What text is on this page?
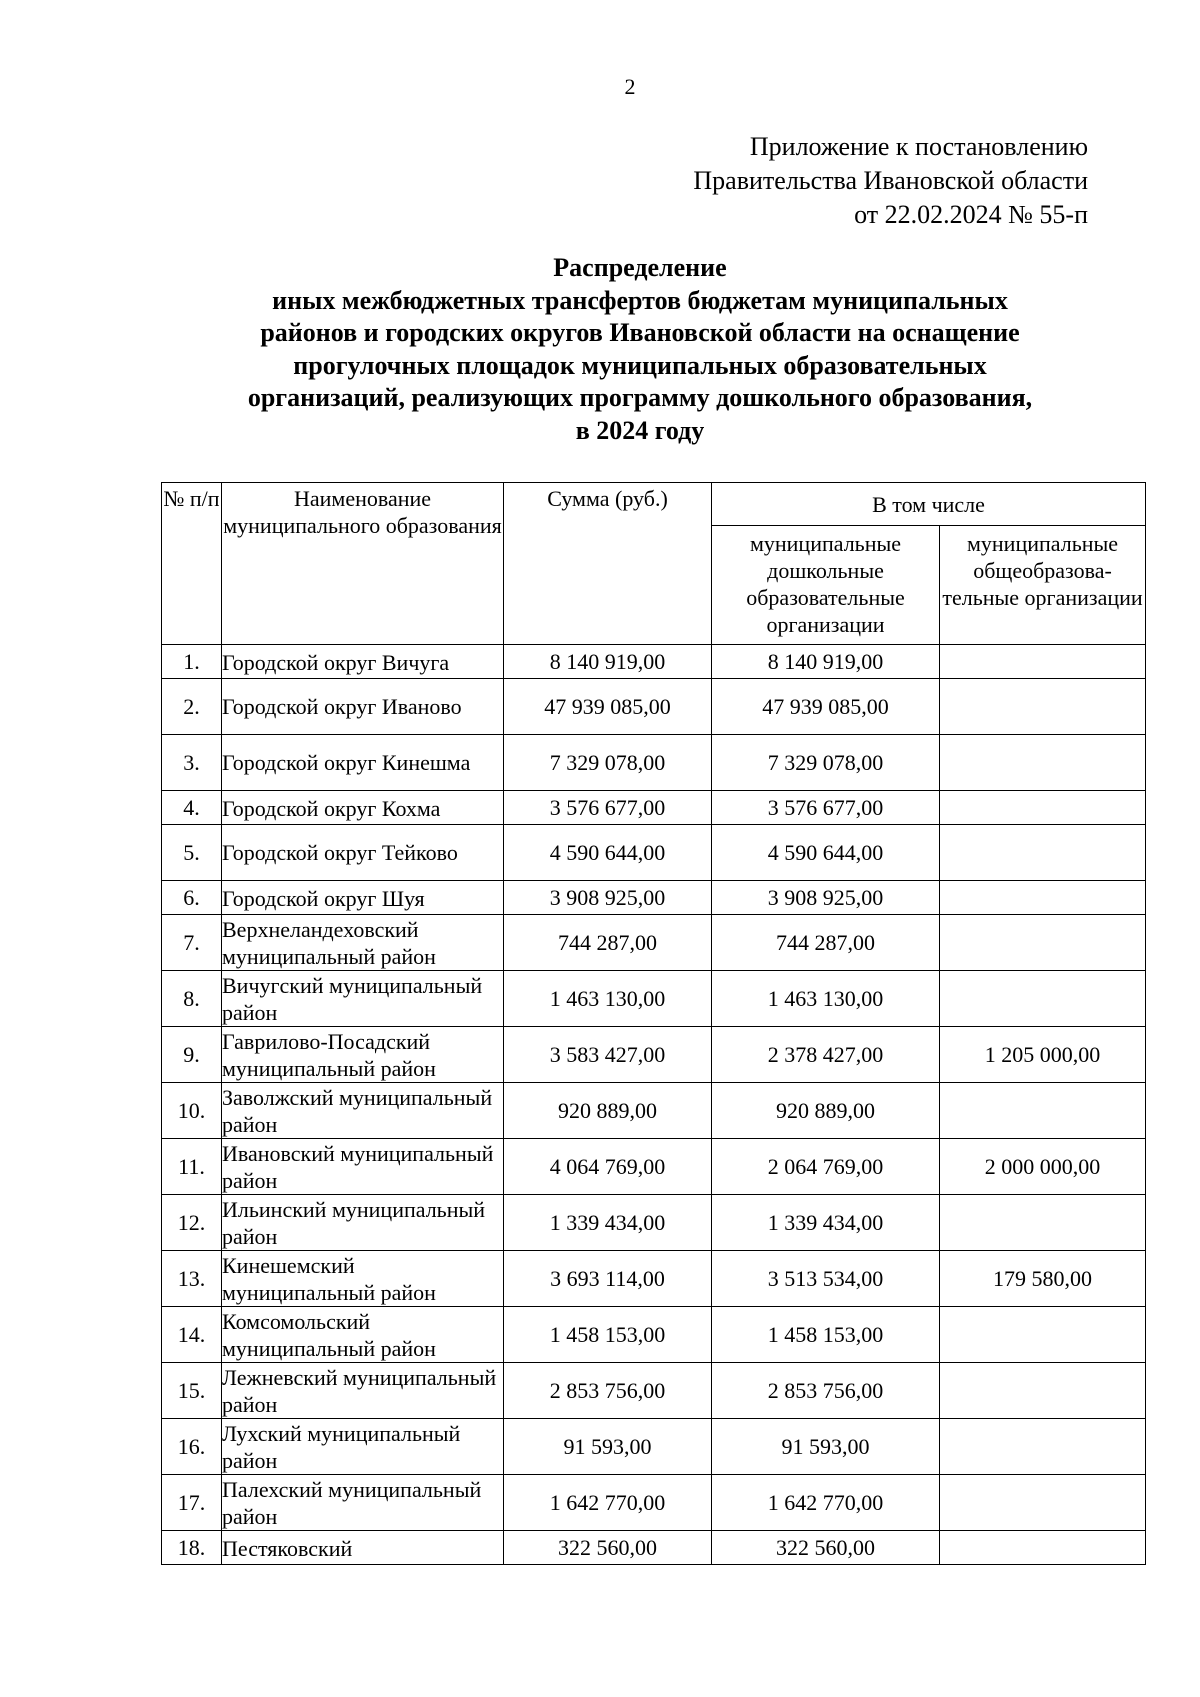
2
Приложение к постановлению
Правительства Ивановской области
от 22.02.2024 № 55-п
Распределение
иных межбюджетных трансфертов бюджетам муниципальных
районов и городских округов Ивановской области на оснащение
прогулочных площадок муниципальных образовательных
организаций, реализующих программу дошкольного образования,
в 2024 году
№ п/п	Наименование муниципального образования	Сумма (руб.)	В том числе	
			муниципальные дошкольные образовательные организации	муниципальные общеобразова-тельные организации
1.	Городской округ Вичуга	8 140 919,00	8 140 919,00	
2.	Городской округ Иваново	47 939 085,00	47 939 085,00	
3.	Городской округ Кинешма	7 329 078,00	7 329 078,00	
4.	Городской округ Кохма	3 576 677,00	3 576 677,00	
5.	Городской округ Тейково	4 590 644,00	4 590 644,00	
6.	Городской округ Шуя	3 908 925,00	3 908 925,00	
7.	Верхнеландеховский муниципальный район	744 287,00	744 287,00	
8.	Вичугский муниципальный район	1 463 130,00	1 463 130,00	
9.	Гаврилово-Посадский муниципальный район	3 583 427,00	2 378 427,00	1 205 000,00
10.	Заволжский муниципальный район	920 889,00	920 889,00	
11.	Ивановский муниципальный район	4 064 769,00	2 064 769,00	2 000 000,00
12.	Ильинский муниципальный район	1 339 434,00	1 339 434,00	
13.	Кинешемский муниципальный район	3 693 114,00	3 513 534,00	179 580,00
14.	Комсомольский муниципальный район	1 458 153,00	1 458 153,00	
15.	Лежневский муниципальный район	2 853 756,00	2 853 756,00	
16.	Лухский муниципальный район	91 593,00	91 593,00	
17.	Палехский муниципальный район	1 642 770,00	1 642 770,00	
18.	Пестяковский	322 560,00	322 560,00	
